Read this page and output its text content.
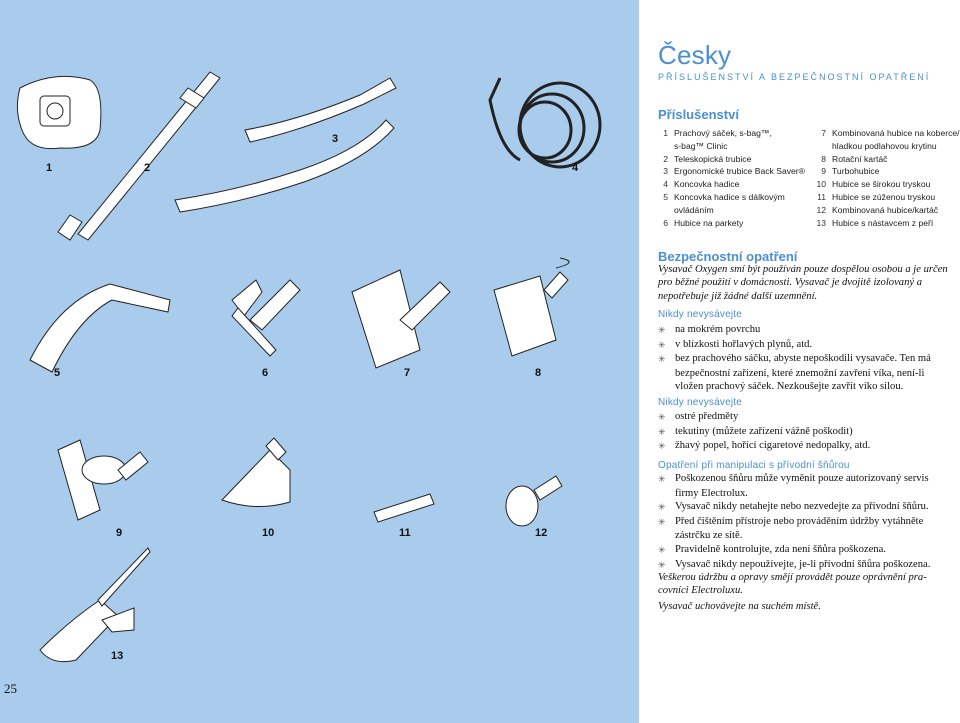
1	2
3
4
5	6	7	8
9	10	11	12
13
25
Česky
PŘÍSLUŠENSTVÍ A BEZPEČNOSTNÍ OPATŘENÍ
Příslušenství
1 Prachový sáček, s-bag™,
s-bag™ Clinic
2 Teleskopická trubice
3 Ergonomické trubice Back Saver®
4 Koncovka hadice
5 Koncovka hadice s dálkovým
ovládáním
6 Hubice na parkety
7 Kombinovaná hubice na koberce/
hladkou podlahovou krytinu
8 Rotační kartáč
9 Turbohubice
10 Hubice se širokou tryskou
11 Hubice se zúženou tryskou
12 Kombinovaná hubice/kartáč
13 Hubice s nástavcem z peří
Bezpečnostní opatření
Vysavač Oxygen smí být používán pouze dospělou osobou a je určen
pro běžné použití v domácnosti. Vysavač je dvojitě izolovaný a
nepotřebuje již žádné další uzemnění.
Nikdy nevysávejte
✳ na mokrém povrchu
✳ v blízkosti hořlavých plynů, atd.
✳ bez prachového sáčku, abyste nepoškodili vysavače. Ten má
bezpečnostní zařízení, které znemožní zavření víka, není-li
vložen prachový sáček. Nezkoušejte zavřít víko silou.
Nikdy nevysávejte
✳ ostré předměty
✳ tekutiny (můžete zařízení vážně poškodit)
✳ žhavý popel, hořící cigaretové nedopalky, atd.
Opatření při manipulaci s přívodní šňůrou
✳ Poškozenou šňůru může vyměnit pouze autorizovaný servis
firmy Electrolux.
✳ Vysavač nikdy netahejte nebo nezvedejte za přívodní šňůru.
✳ Před čištěním přístroje nebo prováděním údržby vytáhněte
zástrčku ze sítě.
✳ Pravidelně kontrolujte, zda není šňůra poškozena.
✳ Vysavač nikdy nepoužívejte, je-li přívodní šňůra poškozena.
Veškerou údržbu a opravy smějí provádět pouze oprávnění pra-
covníci Electroluxu.
Vysavač uchovávejte na suchém místě.
